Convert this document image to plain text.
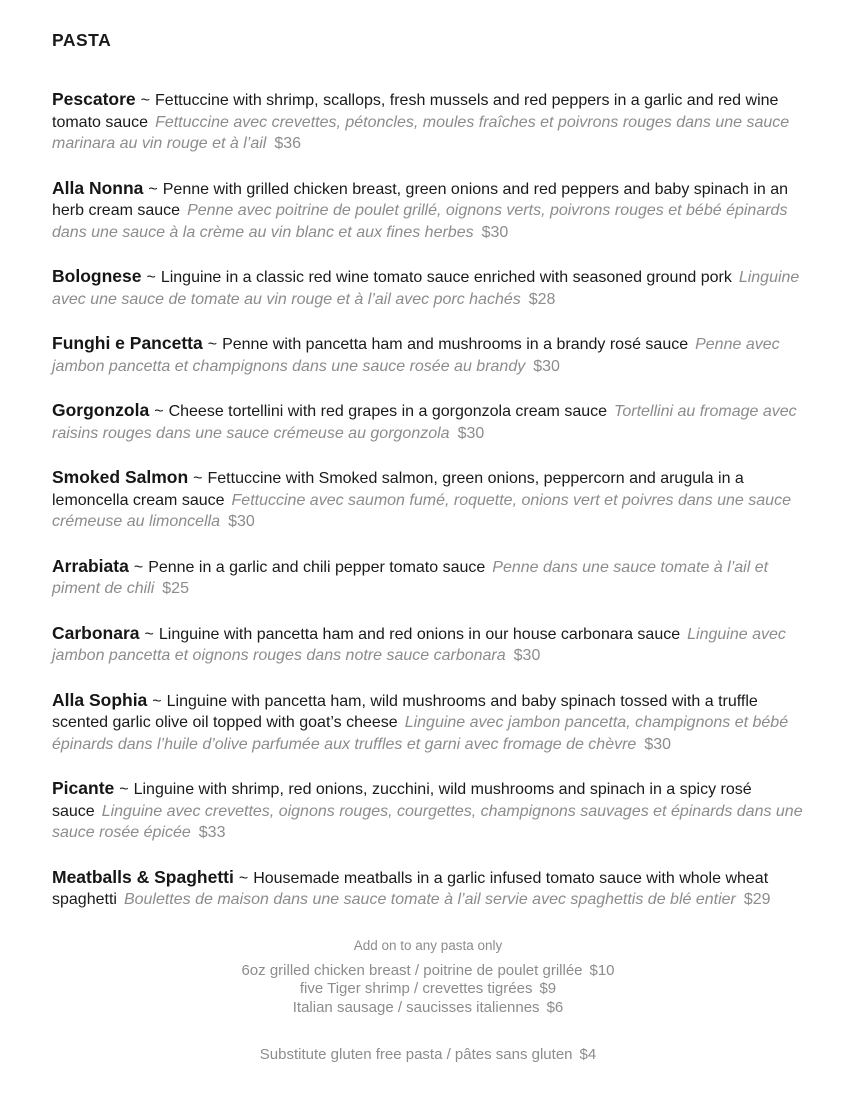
PASTA

Pescatore ~ Fettuccine with shrimp, scallops, fresh mussels and red peppers in a garlic and red wine tomato sauce Fettuccine avec crevettes, pétoncles, moules fraîches et poivrons rouges dans une sauce marinara au vin rouge et à l’ail $36

Alla Nonna ~ Penne with grilled chicken breast, green onions and red peppers and baby spinach in an herb cream sauce Penne avec poitrine de poulet grillé, oignons verts, poivrons rouges et bébé épinards dans une sauce à la crème au vin blanc et aux fines herbes $30

Bolognese ~ Linguine in a classic red wine tomato sauce enriched with seasoned ground pork Linguine avec une sauce de tomate au vin rouge et à l’ail avec porc hachés $28

Funghi e Pancetta ~ Penne with pancetta ham and mushrooms in a brandy rosé sauce Penne avec jambon pancetta et champignons dans une sauce rosée au brandy $30

Gorgonzola ~ Cheese tortellini with red grapes in a gorgonzola cream sauce Tortellini au fromage avec raisins rouges dans une sauce crémeuse au gorgonzola $30

Smoked Salmon ~ Fettuccine with Smoked salmon, green onions, peppercorn and arugula in a lemoncella cream sauce Fettuccine avec saumon fumé, roquette, onions vert et poivres dans une sauce crémeuse au limoncella $30

Arrabiata ~ Penne in a garlic and chili pepper tomato sauce Penne dans une sauce tomate à l’ail et piment de chili $25

Carbonara ~ Linguine with pancetta ham and red onions in our house carbonara sauce Linguine avec jambon pancetta et oignons rouges dans notre sauce carbonara $30

Alla Sophia ~ Linguine with pancetta ham, wild mushrooms and baby spinach tossed with a truffle scented garlic olive oil topped with goat’s cheese Linguine avec jambon pancetta, champignons et bébé épinards dans l’huile d’olive parfumée aux truffles et garni avec fromage de chèvre $30

Picante ~ Linguine with shrimp, red onions, zucchini, wild mushrooms and spinach in a spicy rosé sauce Linguine avec crevettes, oignons rouges, courgettes, champignons sauvages et épinards dans une sauce rosée épicée $33

Meatballs & Spaghetti ~ Housemade meatballs in a garlic infused tomato sauce with whole wheat spaghetti Boulettes de maison dans une sauce tomate à l’ail servie avec spaghettis de blé entier $29

Add on to any pasta only

6oz grilled chicken breast / poitrine de poulet grillée $10

five Tiger shrimp / crevettes tigrées $9

Italian sausage / saucisses italiennes $6

Substitute gluten free pasta / pâtes sans gluten $4
